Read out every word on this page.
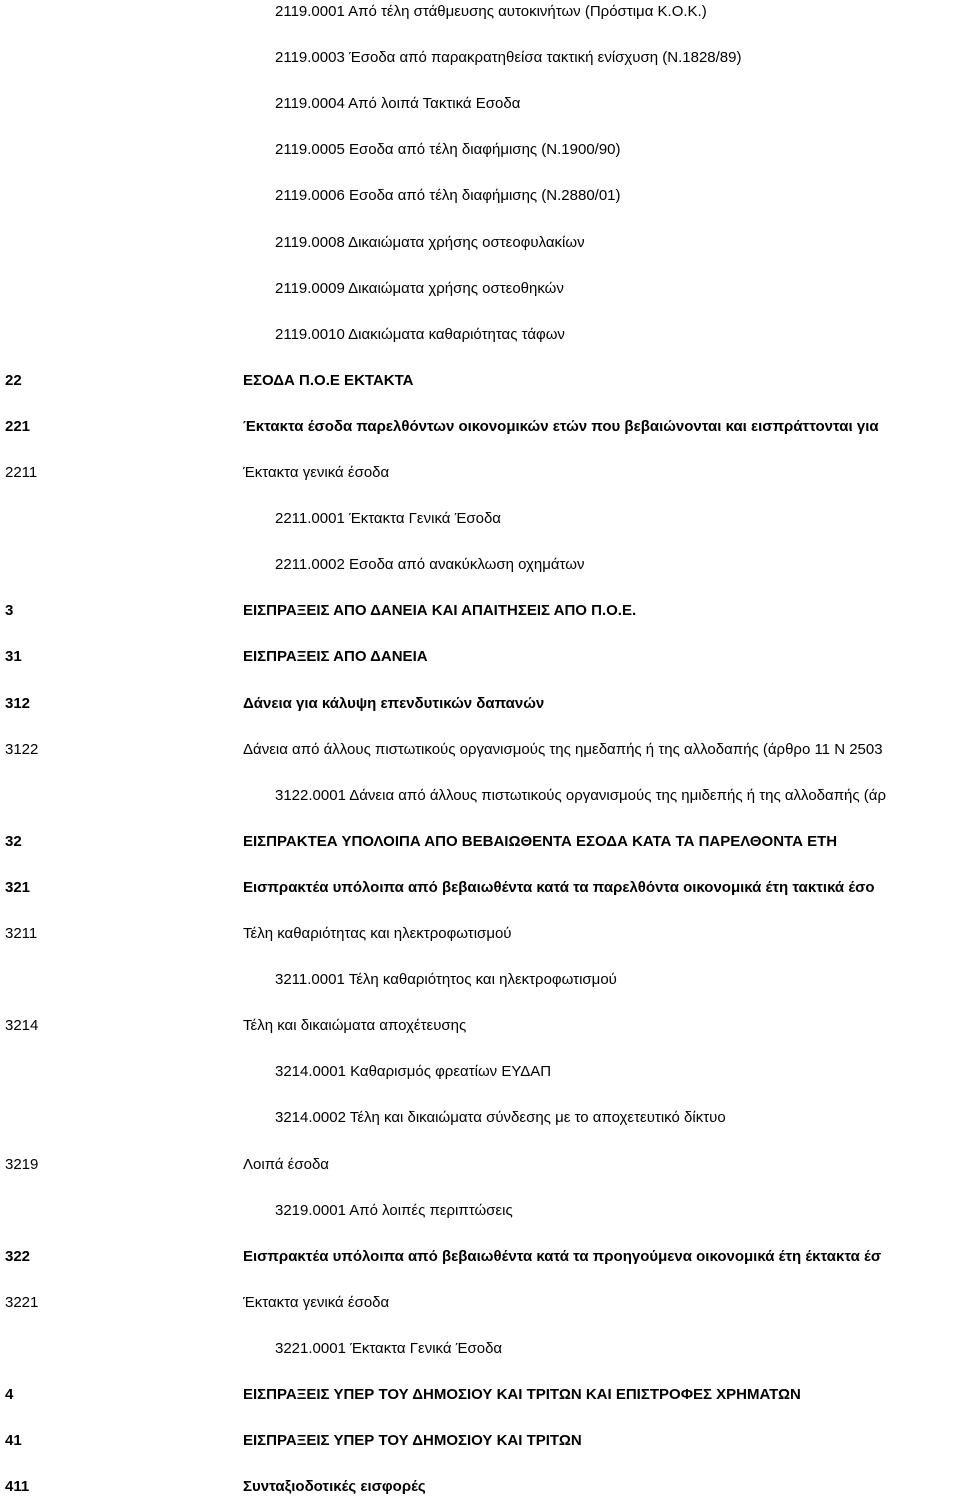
2119.0001 Από τέλη στάθμευσης αυτοκινήτων (Πρόστιμα Κ.Ο.Κ.)
2119.0003 Έσοδα από παρακρατηθείσα τακτική ενίσχυση (Ν.1828/89)
2119.0004 Από λοιπά Τακτικά Εσοδα
2119.0005 Εσοδα από τέλη διαφήμισης (Ν.1900/90)
2119.0006 Εσοδα από τέλη διαφήμισης (Ν.2880/01)
2119.0008 Δικαιώματα χρήσης οστεοφυλακίων
2119.0009 Δικαιώματα χρήσης οστεοθηκών
2119.0010 Διακιώματα καθαριότητας τάφων
22	ΕΣΟΔΑ Π.Ο.Ε ΕΚΤΑΚΤΑ
221	Έκτακτα έσοδα παρελθόντων οικονομικών ετών που βεβαιώνονται και εισπράττονται για
2211	Έκτακτα γενικά έσοδα
2211.0001 Έκτακτα Γενικά Έσοδα
2211.0002 Εσοδα από ανακύκλωση οχημάτων
3	ΕΙΣΠΡΑΞΕΙΣ ΑΠΟ ΔΑΝΕΙΑ ΚΑΙ ΑΠΑΙΤΗΣΕΙΣ ΑΠΟ Π.Ο.Ε.
31	ΕΙΣΠΡΑΞΕΙΣ ΑΠΟ ΔΑΝΕΙΑ
312	Δάνεια για κάλυψη επενδυτικών δαπανών
3122	Δάνεια από άλλους πιστωτικούς οργανισμούς της ημεδαπής ή της αλλοδαπής (άρθρο 11 Ν 2503
3122.0001 Δάνεια από άλλους πιστωτικούς οργανισμούς της ημιδεπής ή της αλλοδαπής (άρ
32	ΕΙΣΠΡΑΚΤΕΑ ΥΠΟΛΟΙΠΑ ΑΠΟ ΒΕΒΑΙΩΘΕΝΤΑ ΕΣΟΔΑ ΚΑΤΑ ΤΑ ΠΑΡΕΛΘΟΝΤΑ ΕΤΗ
321	Εισπρακτέα υπόλοιπα από βεβαιωθέντα κατά τα παρελθόντα οικονομικά έτη τακτικά έσο
3211	Τέλη καθαριότητας και ηλεκτροφωτισμού
3211.0001 Τέλη καθαριότητος και ηλεκτροφωτισμού
3214	Τέλη και δικαιώματα αποχέτευσης
3214.0001 Καθαρισμός φρεατίων ΕΥΔΑΠ
3214.0002 Τέλη και δικαιώματα σύνδεσης με το αποχετευτικό δίκτυο
3219	Λοιπά έσοδα
3219.0001 Από λοιπές περιπτώσεις
322	Εισπρακτέα υπόλοιπα από βεβαιωθέντα κατά τα προηγούμενα οικονομικά έτη έκτακτα έσ
3221	Έκτακτα γενικά έσοδα
3221.0001 Έκτακτα Γενικά Έσοδα
4	ΕΙΣΠΡΑΞΕΙΣ ΥΠΕΡ ΤΟΥ ΔΗΜΟΣΙΟΥ ΚΑΙ ΤΡΙΤΩΝ ΚΑΙ ΕΠΙΣΤΡΟΦΕΣ ΧΡΗΜΑΤΩΝ
41	ΕΙΣΠΡΑΞΕΙΣ ΥΠΕΡ ΤΟΥ ΔΗΜΟΣΙΟΥ ΚΑΙ ΤΡΙΤΩΝ
411	Συνταξιοδοτικές εισφορές
